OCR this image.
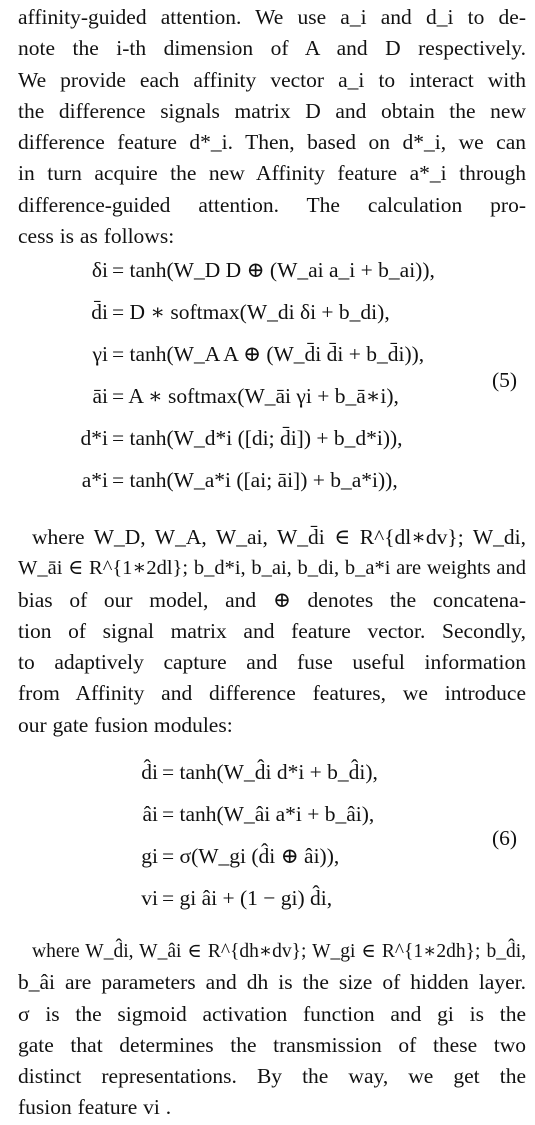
affinity-guided attention. We use a_i and d_i to de-
note the i-th dimension of A and D respectively.
We provide each affinity vector a_i to interact with
the difference signals matrix D and obtain the new
difference feature d*_i. Then, based on d*_i, we can
in turn acquire the new Affinity feature a*_i through
difference-guided attention. The calculation pro-
cess is as follows:
δi = tanh(W_D D ⊕ (W_ai a_i + b_ai)),
d̄i = D ∗ softmax(W_di δi + b_di),
γi = tanh(W_A A ⊕ (W_d̄i d̄i + b_d̄i)),
āi = A ∗ softmax(W_āi γi + b_ā∗i),
d*i = tanh(W_d*i ([di; d̄i]) + b_d*i)),
a*i = tanh(W_a*i ([ai; āi]) + b_a*i)),
(5)
where W_D, W_A, W_ai, W_d̄i ∈ R^{dl∗dv}; W_di,
W_āi ∈ R^{1∗2dl}; b_d*i, b_ai, b_di, b_a*i are weights and
bias of our model, and ⊕ denotes the concatena-
tion of signal matrix and feature vector. Secondly,
to adaptively capture and fuse useful information
from Affinity and difference features, we introduce
our gate fusion modules:
d̂i = tanh(W_d̂i d*i + b_d̂i),
âi = tanh(W_âi a*i + b_âi),
gi = σ(W_gi (d̂i ⊕ âi)),
vi = gi âi + (1 − gi) d̂i,
(6)
where W_d̂i, W_âi ∈ R^{dh∗dv}; W_gi ∈ R^{1∗2dh}; b_d̂i,
b_âi are parameters and dh is the size of hidden layer.
σ is the sigmoid activation function and gi is the
gate that determines the transmission of these two
distinct representations. By the way, we get the
fusion feature vi .
